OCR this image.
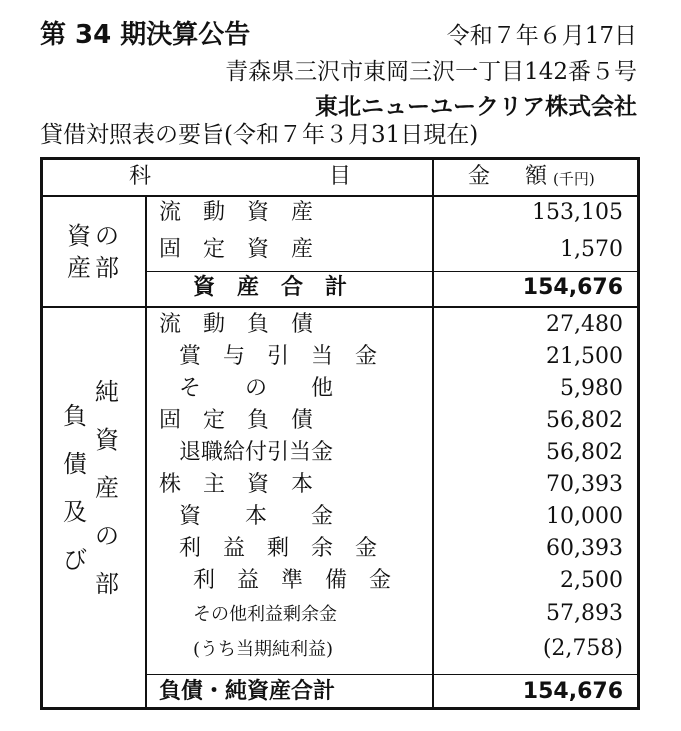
第 34 期決算公告	令和７年６月17日
青森県三沢市東岡三沢一丁目142番５号
東北ニューユークリア株式会社
貸借対照表の要旨(令和７年３月31日現在)
科	目	金 額 (千円)
資の
産部
流　動　資　産	153,105
固　定　資　産	1,570
資　産　合　計	154,676
負債及び
純資産の部
流　動　負　債	27,480
賞　与　引　当　金	21,500
そ　　の　　他	5,980
固　定　負　債	56,802
退職給付引当金	56,802
株　主　資　本	70,393
資　　本　　金	10,000
利　益　剰　余　金	60,393
利　益　準　備　金	2,500
その他利益剰余金	57,893
(うち当期純利益)	(2,758)
負債・純資産合計	154,676
